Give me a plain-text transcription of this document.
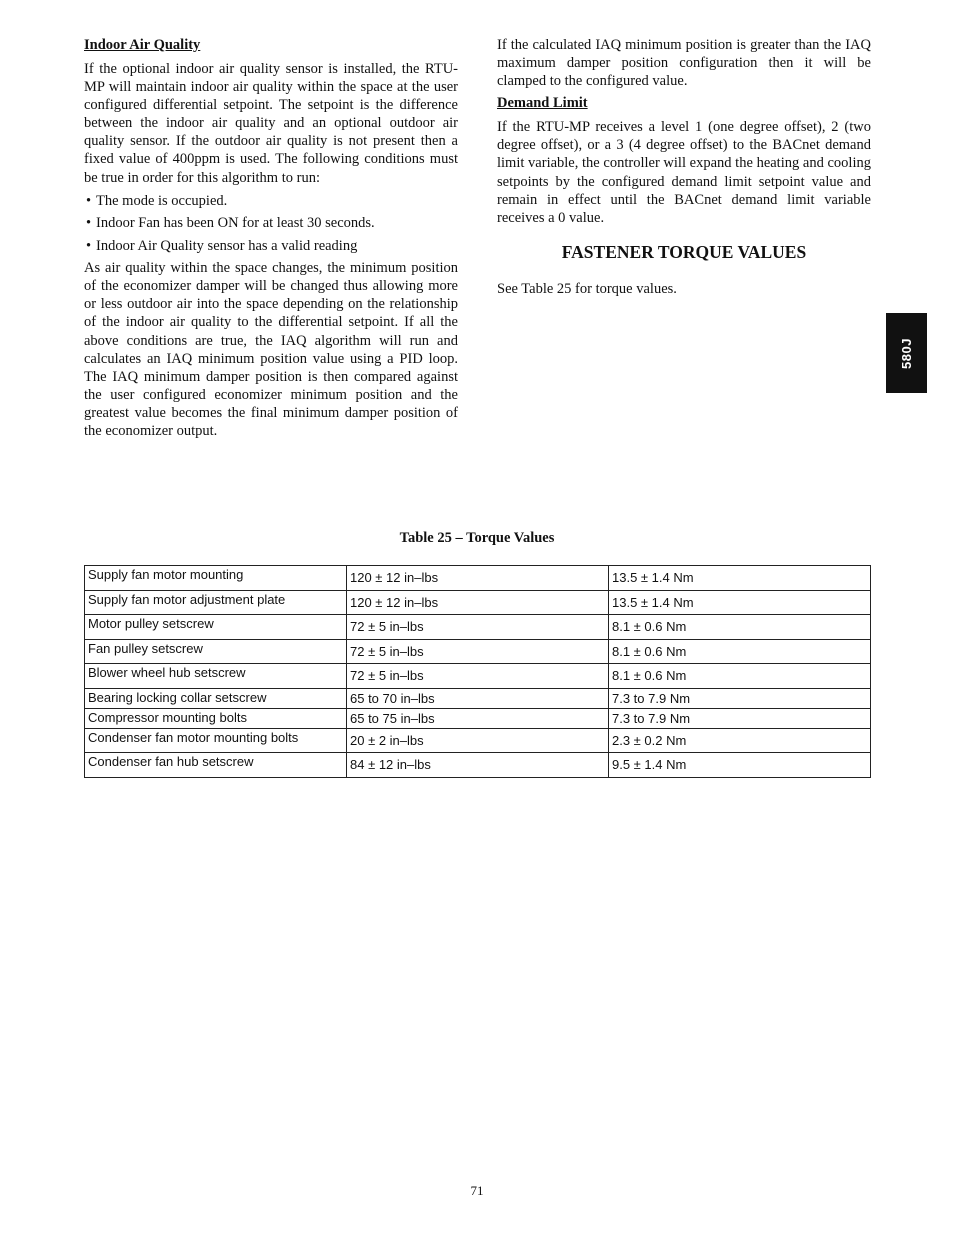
Indoor Air Quality

If the optional indoor air quality sensor is installed, the RTU-MP will maintain indoor air quality within the space at the user configured differential setpoint. The setpoint is the difference between the indoor air quality and an optional outdoor air quality sensor. If the outdoor air quality is not present then a fixed value of 400ppm is used. The following conditions must be true in order for this algorithm to run:

• The mode is occupied.
• Indoor Fan has been ON for at least 30 seconds.
• Indoor Air Quality sensor has a valid reading

As air quality within the space changes, the minimum position of the economizer damper will be changed thus allowing more or less outdoor air into the space depending on the relationship of the indoor air quality to the differential setpoint. If all the above conditions are true, the IAQ algorithm will run and calculates an IAQ minimum position value using a PID loop. The IAQ minimum damper position is then compared against the user configured economizer minimum position and the greatest value becomes the final minimum damper position of the economizer output.

If the calculated IAQ minimum position is greater than the IAQ maximum damper position configuration then it will be clamped to the configured value.

Demand Limit

If the RTU-MP receives a level 1 (one degree offset), 2 (two degree offset), or a 3 (4 degree offset) to the BACnet demand limit variable, the controller will expand the heating and cooling setpoints by the configured demand limit setpoint value and remain in effect until the BACnet demand limit variable receives a 0 value.

FASTENER TORQUE VALUES

See Table 25 for torque values.

580J
Table 25 – Torque Values
Supply fan motor mounting	120 ± 12 in–lbs	13.5 ± 1.4 Nm
Supply fan motor adjustment plate	120 ± 12 in–lbs	13.5 ± 1.4 Nm
Motor pulley setscrew	72 ± 5 in–lbs	8.1 ± 0.6 Nm
Fan pulley setscrew	72 ± 5 in–lbs	8.1 ± 0.6 Nm
Blower wheel hub setscrew	72 ± 5 in–lbs	8.1 ± 0.6 Nm
Bearing locking collar setscrew	65 to 70 in–lbs	7.3 to 7.9 Nm
Compressor mounting bolts	65 to 75 in–lbs	7.3 to 7.9 Nm
Condenser fan motor mounting bolts	20 ± 2 in–lbs	2.3 ± 0.2 Nm
Condenser fan hub setscrew	84 ± 12 in–lbs	9.5 ± 1.4 Nm
71
